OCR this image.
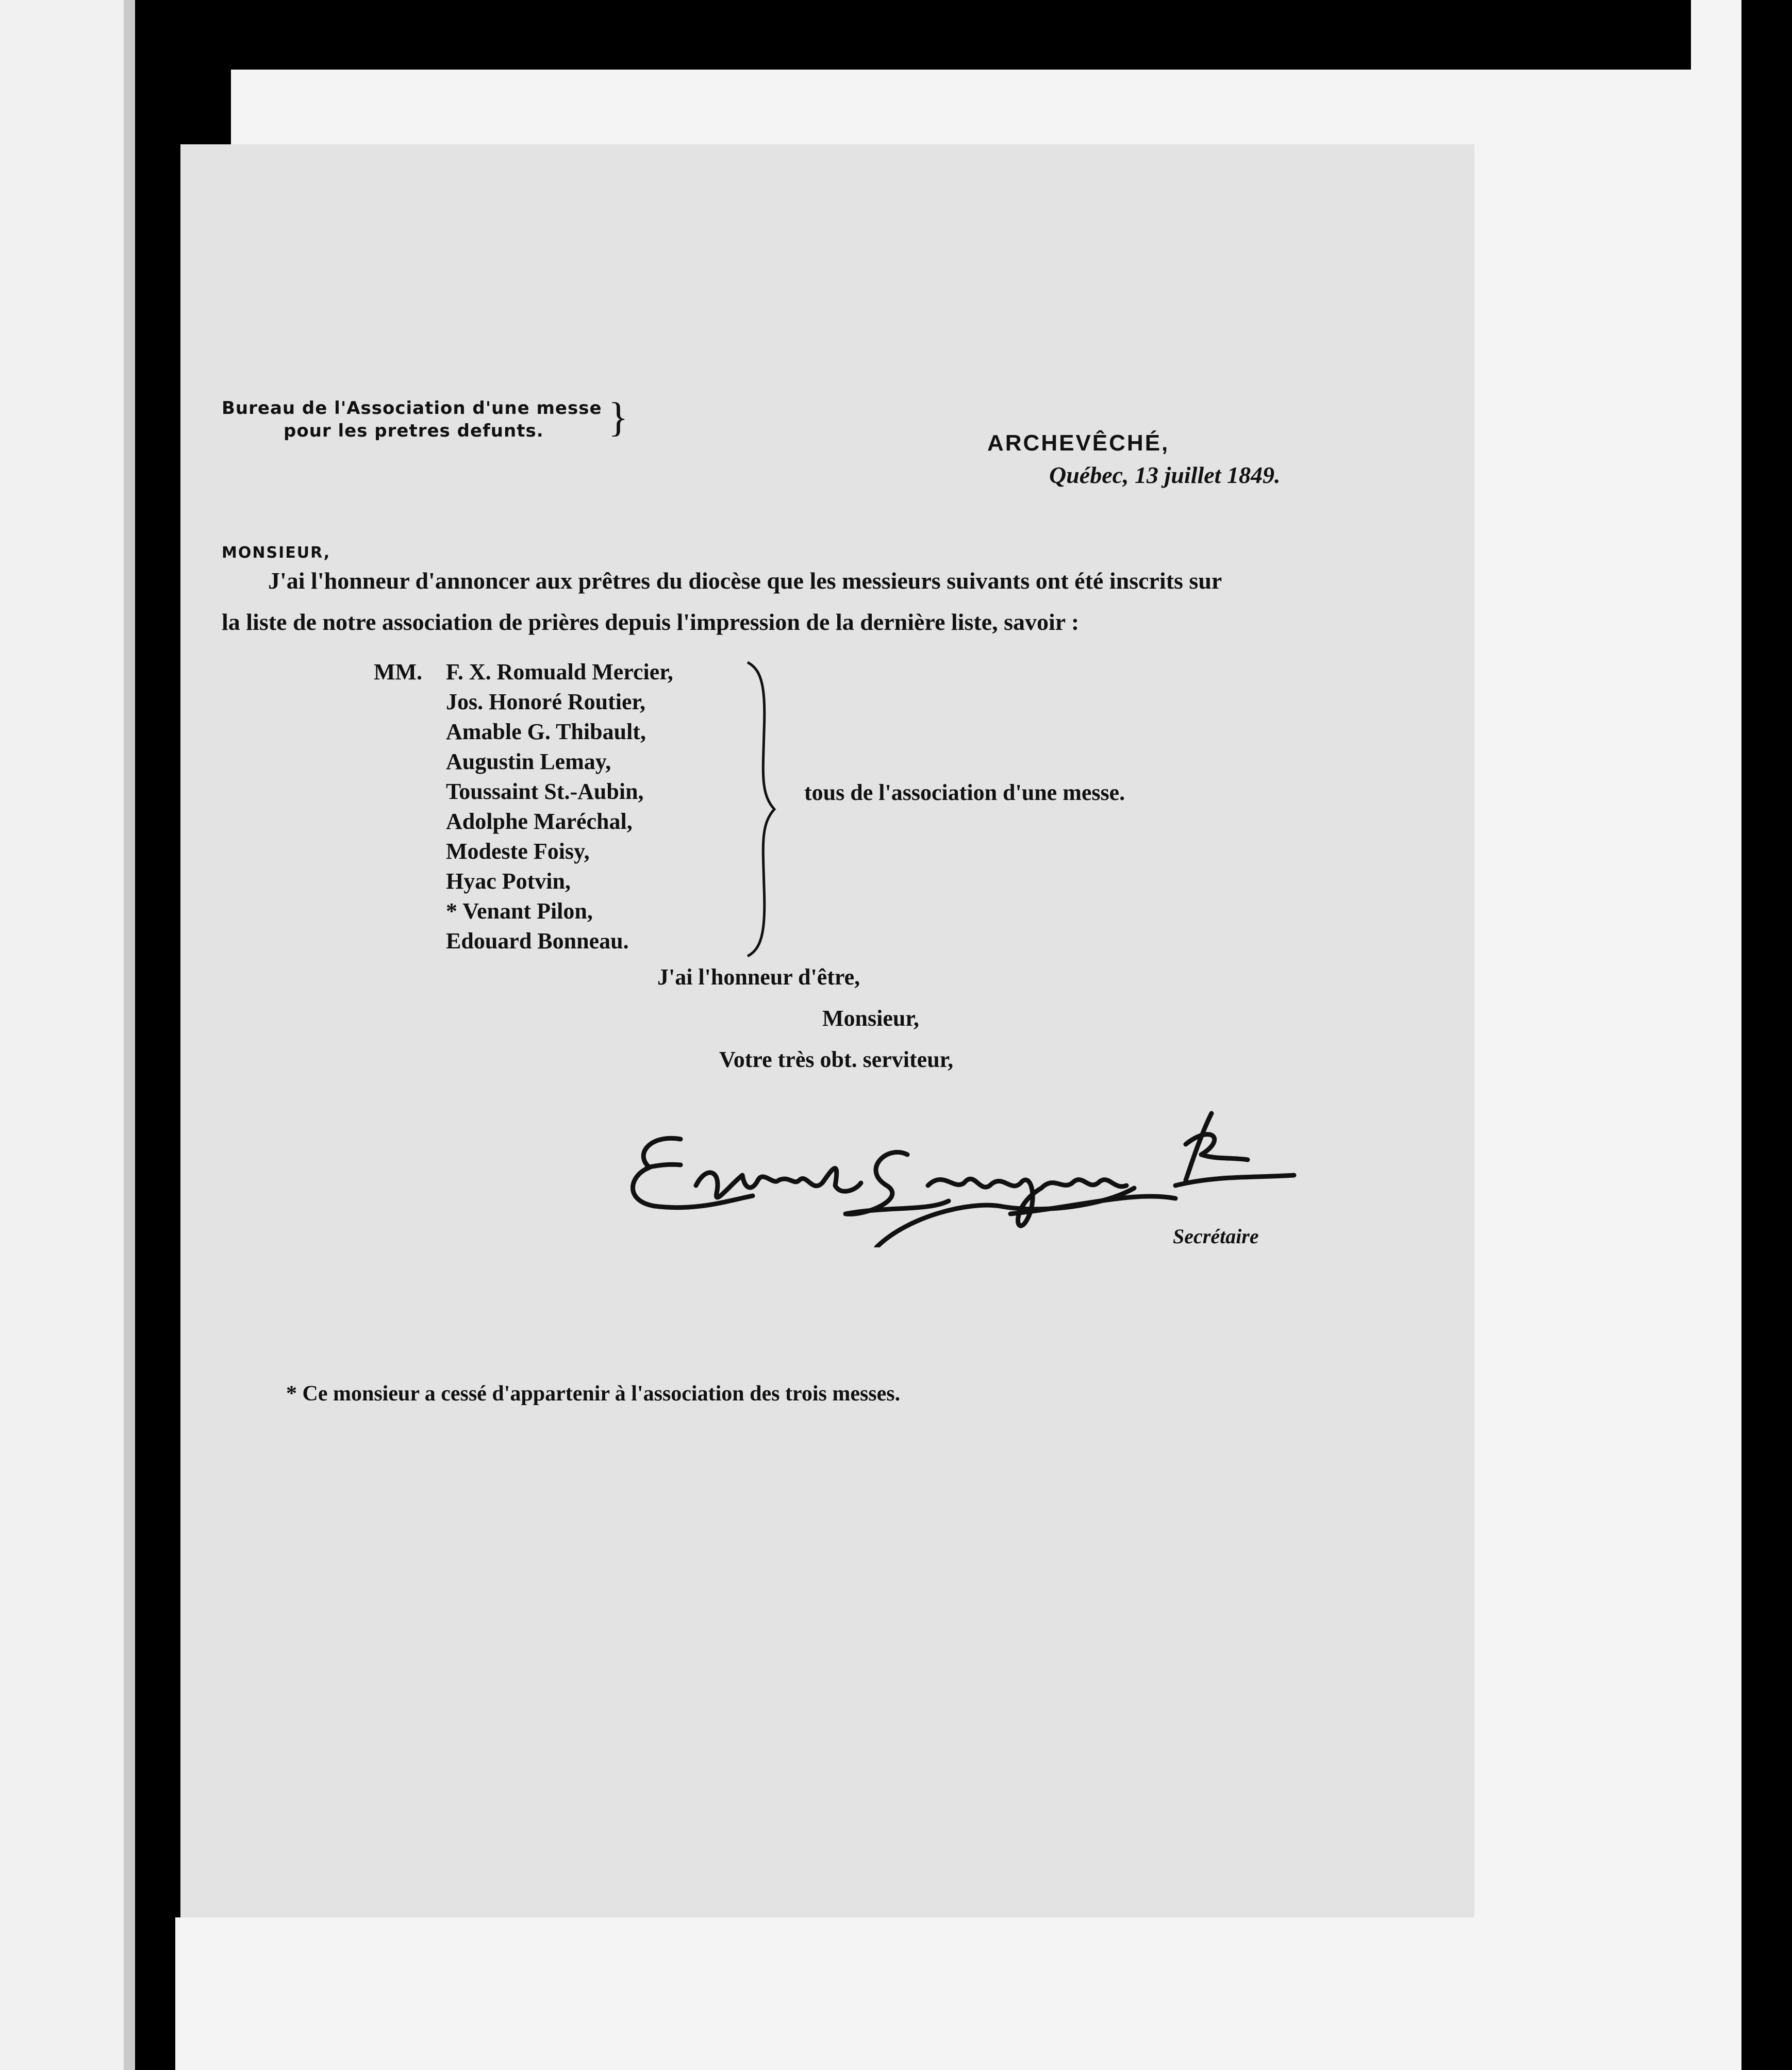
Bureau de l'Association d'une messe
pour les pretres defunts.	}
ARCHEVÊCHÉ,
Québec, 13 juillet 1849.
MONSIEUR,
J'ai l'honneur d'annoncer aux prêtres du diocèse que les messieurs suivants ont été inscrits sur
la liste de notre association de prières depuis l'impression de la dernière liste, savoir :
MM. F. X. Romuald Mercier,
Jos. Honoré Routier,
Amable G. Thibault,
Augustin Lemay,
Toussaint St.-Aubin,
Adolphe Maréchal,
Modeste Foisy,
Hyac Potvin,
* Venant Pilon,
Edouard Bonneau.
tous de l'association d'une messe.
J'ai l'honneur d'être,
Monsieur,
Votre très obt. serviteur,
Edmond Langevin Ptre
Secrétaire
* Ce monsieur a cessé d'appartenir à l'association des trois messes.
